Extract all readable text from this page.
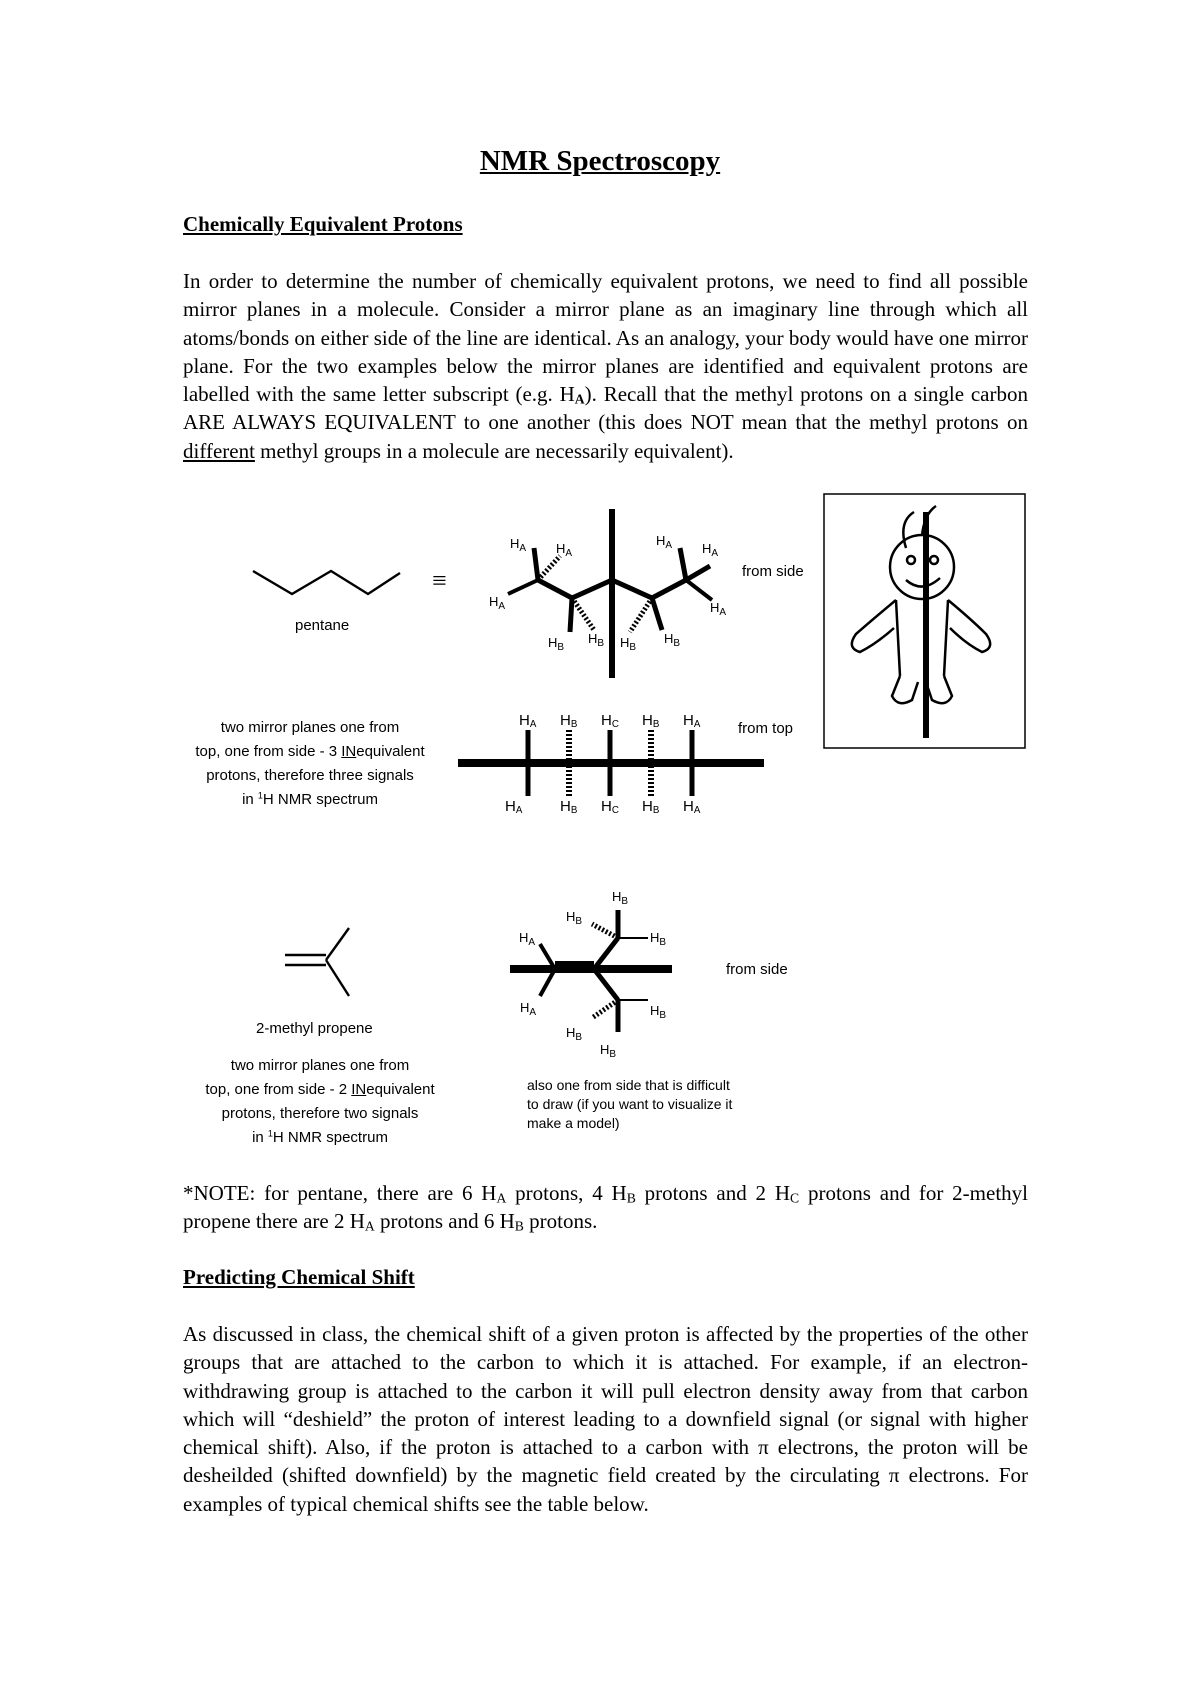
NMR Spectroscopy
Chemically Equivalent Protons
In order to determine the number of chemically equivalent protons, we need to find all possible mirror planes in a molecule. Consider a mirror plane as an imaginary line through which all atoms/bonds on either side of the line are identical. As an analogy, your body would have one mirror plane. For the two examples below the mirror planes are identified and equivalent protons are labelled with the same letter subscript (e.g. $H_A$). Recall that the methyl protons on a single carbon ARE ALWAYS EQUIVALENT to one another (this does NOT mean that the methyl protons on different methyl groups in a molecule are necessarily equivalent).
$H_A$ $H_A$
$H_A$
$H_B$
$H_B$ $H_B$
$H_B$
$H_A$ $H_A$
$H_A$
$H_B$
$H_B$
$H_B$
$H_A$
$H_A$
$H_B$
$H_B$
$H_B$
$H_A$ $H_B$ $H_C$ $H_B$ $H_A$
$H_A$	$H_B$ $H_C$ $H_B$ $H_A$
≡
pentane
from side
from top
two mirror planes one from
top, one from side - 3 INequivalent
protons, therefore three signals
in $^1$H NMR spectrum
2-methyl propene
from side
two mirror planes one from
top, one from side - 2 INequivalent
protons, therefore two signals
in $^1$H NMR spectrum
also one from side that is difficult
to draw (if you want to visualize it
make a model)
*NOTE: for pentane, there are 6 $H_A$ protons, 4 $H_B$ protons and 2 $H_C$ protons and for 2-methyl propene there are 2 $H_A$ protons and 6 $H_B$ protons.
Predicting Chemical Shift
As discussed in class, the chemical shift of a given proton is affected by the properties of the other groups that are attached to the carbon to which it is attached. For example, if an electron-withdrawing group is attached to the carbon it will pull electron density away from that carbon which will “deshield” the proton of interest leading to a downfield signal (or signal with higher chemical shift). Also, if the proton is attached to a carbon with π electrons, the proton will be desheilded (shifted downfield) by the magnetic field created by the circulating π electrons. For examples of typical chemical shifts see the table below.
